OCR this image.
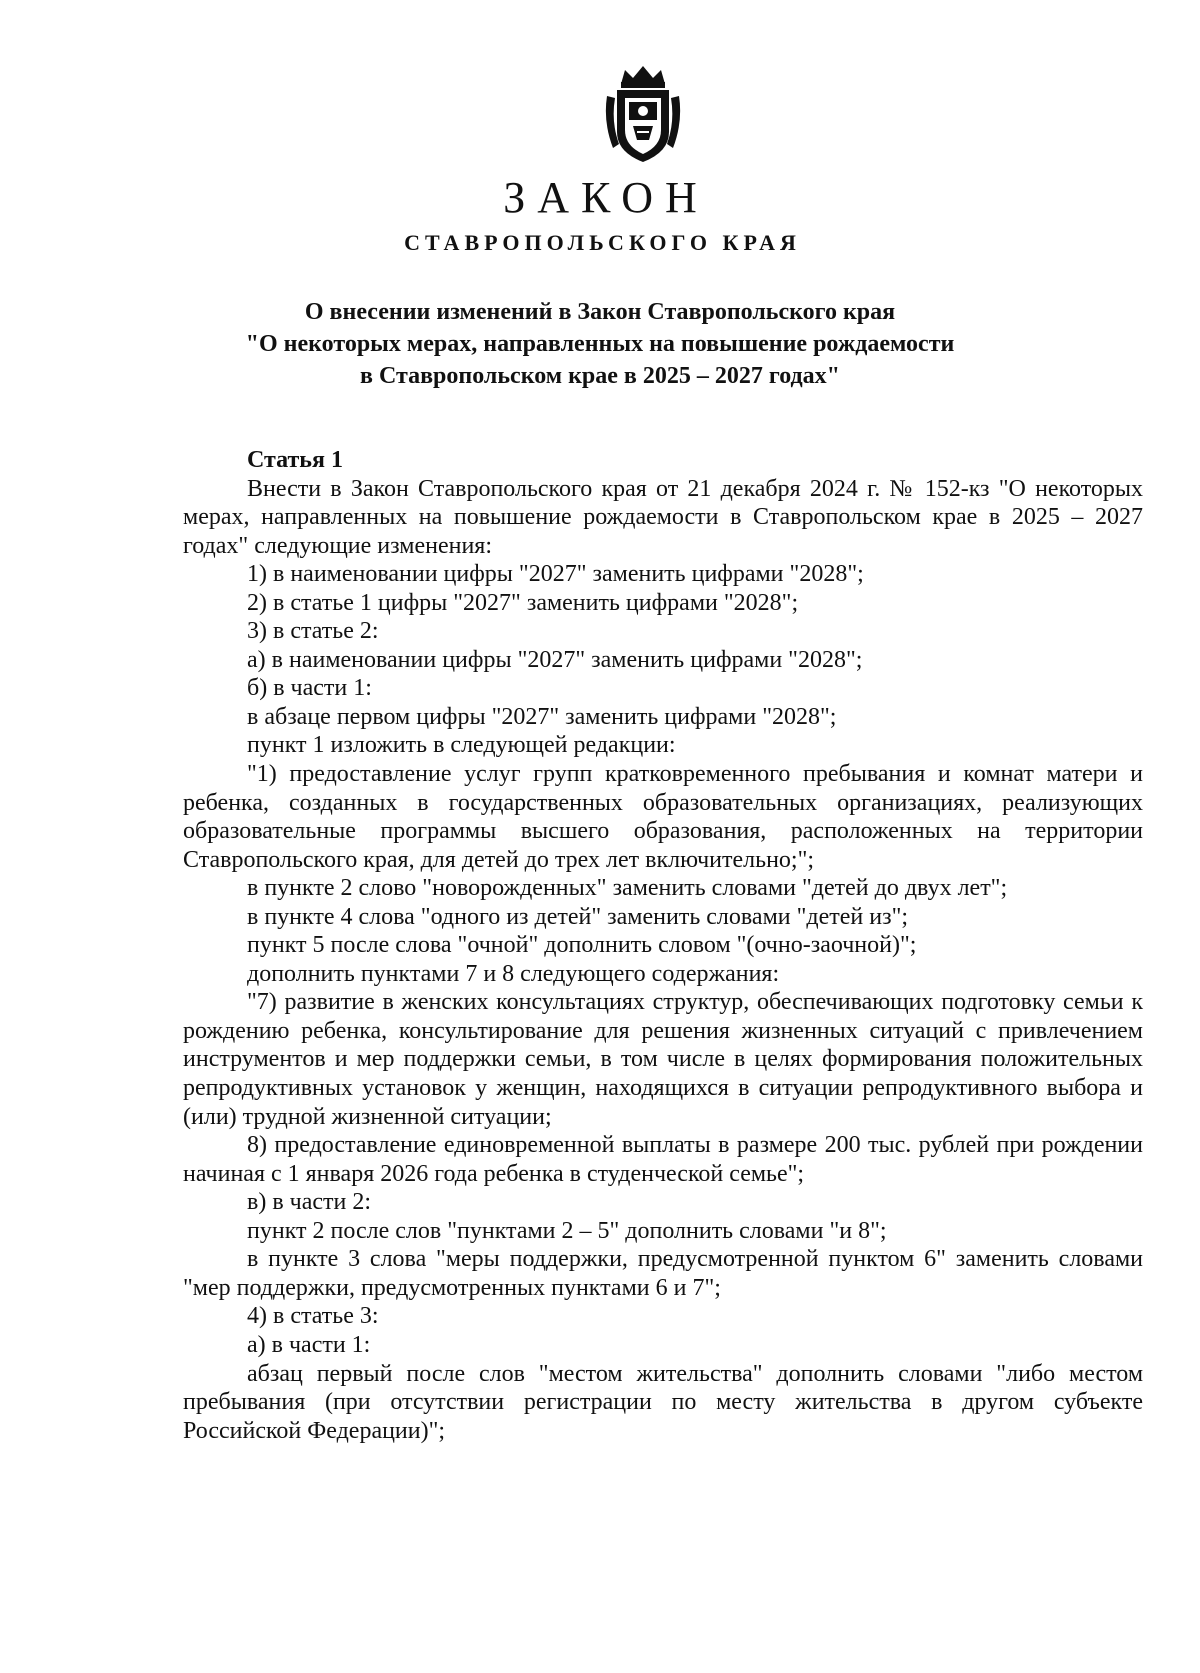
ЗАКОН
СТАВРОПОЛЬСКОГО КРАЯ
О внесении изменений в Закон Ставропольского края
"О некоторых мерах, направленных на повышение рождаемости
в Ставропольском крае в 2025 – 2027 годах"

Статья 1

Внести в Закон Ставропольского края от 21 декабря 2024 г. № 152-кз "О некоторых мерах, направленных на повышение рождаемости в Ставропольском крае в 2025 – 2027 годах" следующие изменения:

1) в наименовании цифры "2027" заменить цифрами "2028";

2) в статье 1 цифры "2027" заменить цифрами "2028";

3) в статье 2:

а) в наименовании цифры "2027" заменить цифрами "2028";

б) в части 1:

в абзаце первом цифры "2027" заменить цифрами "2028";

пункт 1 изложить в следующей редакции:

"1) предоставление услуг групп кратковременного пребывания и комнат матери и ребенка, созданных в государственных образовательных организациях, реализующих образовательные программы высшего образования, расположенных на территории Ставропольского края, для детей до трех лет включительно;";

в пункте 2 слово "новорожденных" заменить словами "детей до двух лет";

в пункте 4 слова "одного из детей" заменить словами "детей из";

пункт 5 после слова "очной" дополнить словом "(очно-заочной)";

дополнить пунктами 7 и 8 следующего содержания:

"7) развитие в женских консультациях структур, обеспечивающих подготовку семьи к рождению ребенка, консультирование для решения жизненных ситуаций с привлечением инструментов и мер поддержки семьи, в том числе в целях формирования положительных репродуктивных установок у женщин, находящихся в ситуации репродуктивного выбора и (или) трудной жизненной ситуации;

8) предоставление единовременной выплаты в размере 200 тыс. рублей при рождении начиная с 1 января 2026 года ребенка в студенческой семье";

в) в части 2:

пункт 2 после слов "пунктами 2 – 5" дополнить словами "и 8";

в пункте 3 слова "меры поддержки, предусмотренной пунктом 6" заменить словами "мер поддержки, предусмотренных пунктами 6 и 7";

4) в статье 3:

а) в части 1:

абзац первый после слов "местом жительства" дополнить словами "либо местом пребывания (при отсутствии регистрации по месту жительства в другом субъекте Российской Федерации)";
